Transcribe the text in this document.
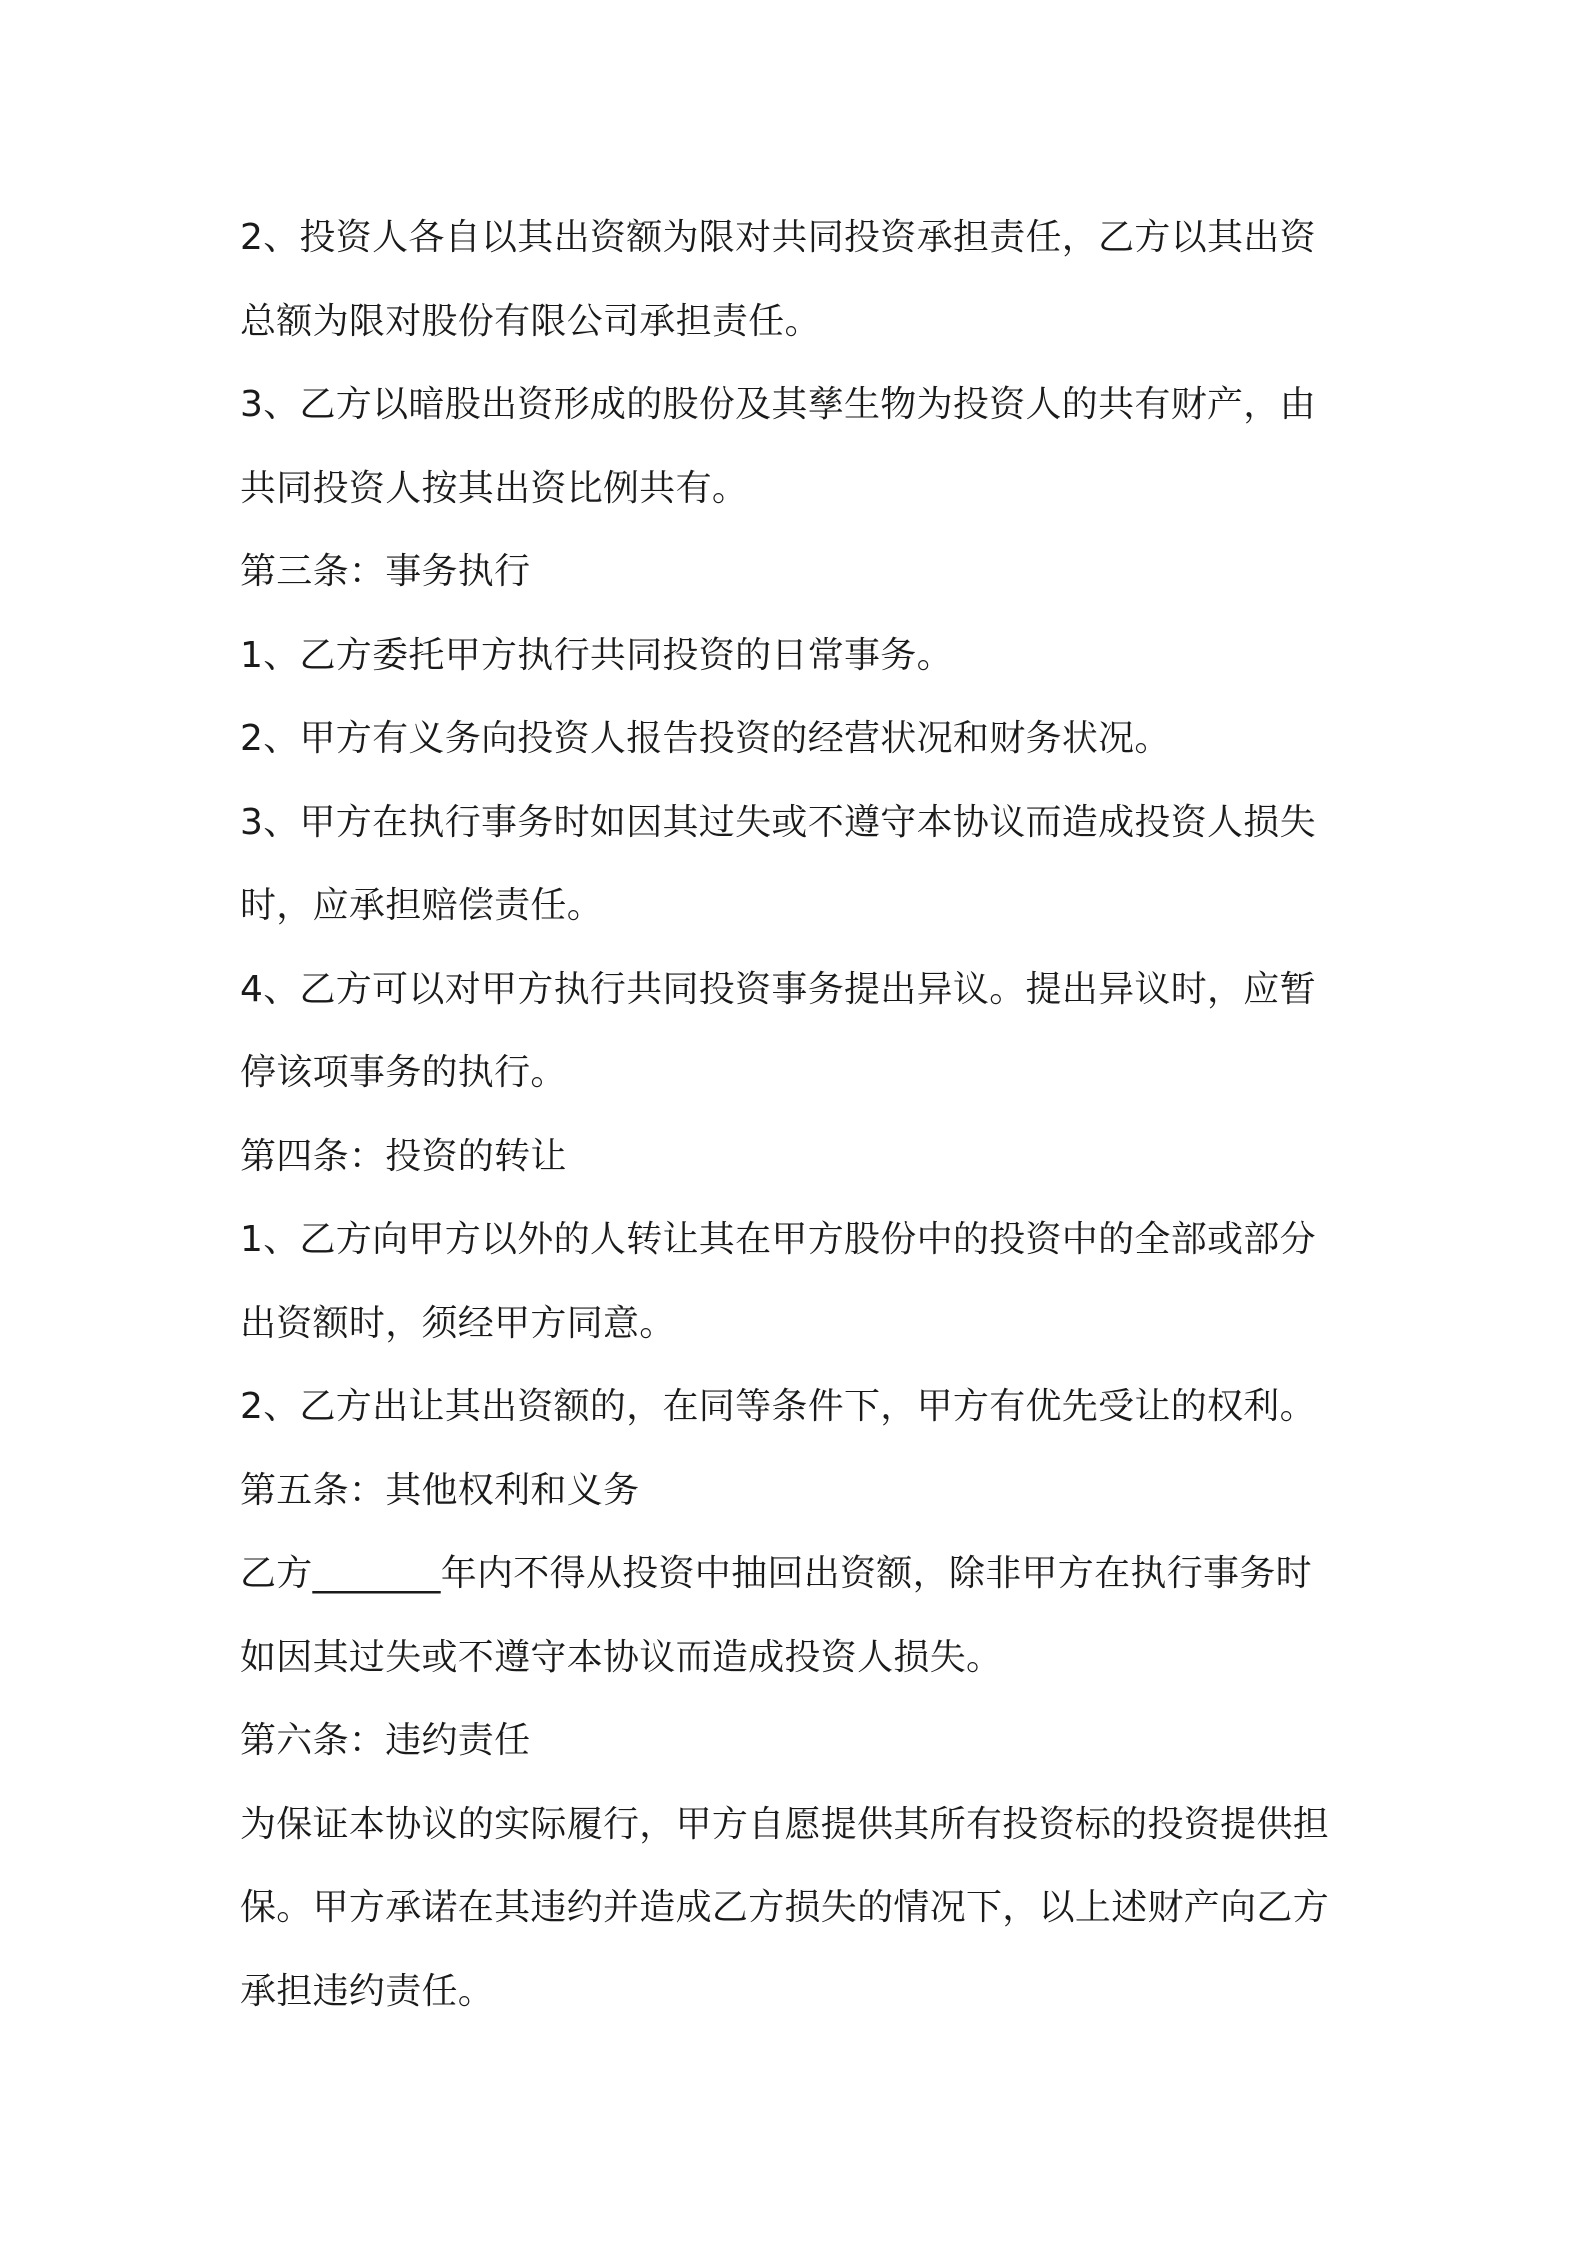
2、投资人各自以其出资额为限对共同投资承担责任，乙方以其出资
总额为限对股份有限公司承担责任。
3、乙方以暗股出资形成的股份及其孳生物为投资人的共有财产，由
共同投资人按其出资比例共有。
第三条：事务执行
1、乙方委托甲方执行共同投资的日常事务。
2、甲方有义务向投资人报告投资的经营状况和财务状况。
3、甲方在执行事务时如因其过失或不遵守本协议而造成投资人损失
时，应承担赔偿责任。
4、乙方可以对甲方执行共同投资事务提出异议。提出异议时，应暂
停该项事务的执行。
第四条：投资的转让
1、乙方向甲方以外的人转让其在甲方股份中的投资中的全部或部分
出资额时，须经甲方同意。
2、乙方出让其出资额的，在同等条件下，甲方有优先受让的权利。
第五条：其他权利和义务
乙方_______年内不得从投资中抽回出资额，除非甲方在执行事务时
如因其过失或不遵守本协议而造成投资人损失。
第六条：违约责任
为保证本协议的实际履行，甲方自愿提供其所有投资标的投资提供担
保。甲方承诺在其违约并造成乙方损失的情况下，以上述财产向乙方
承担违约责任。
